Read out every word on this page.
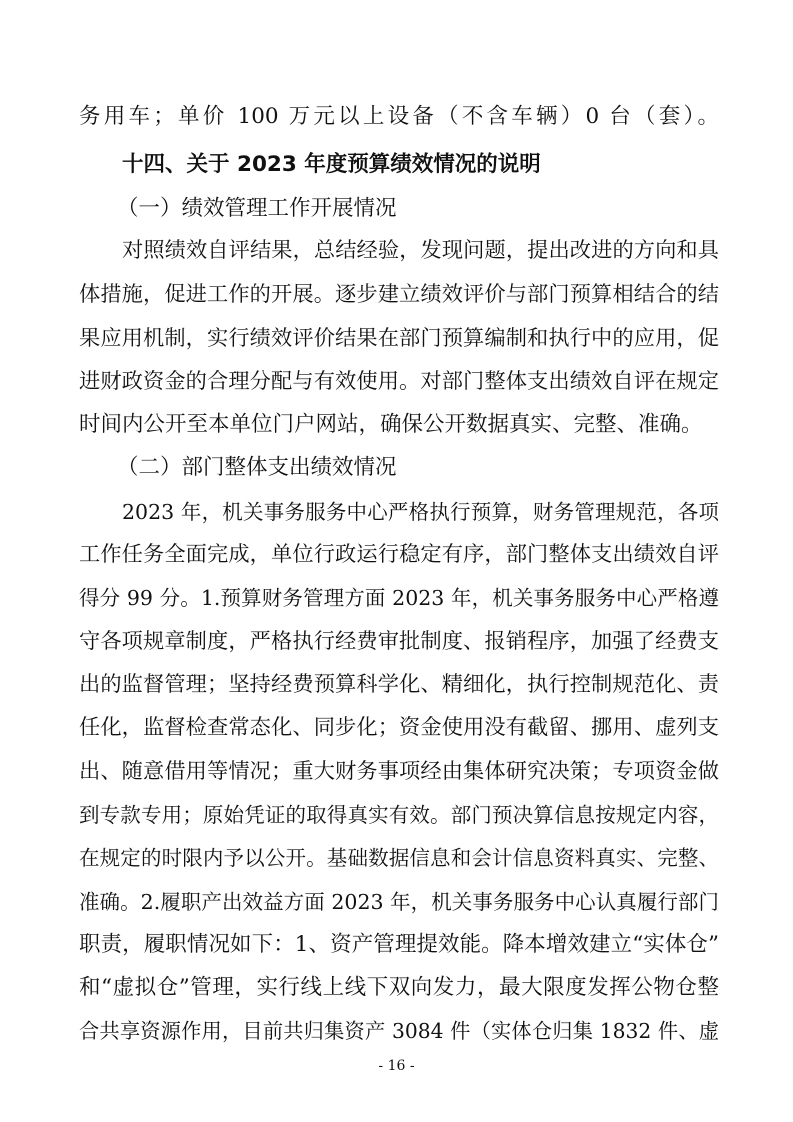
务用车；单价 100 万元以上设备（不含车辆）0 台（套）。
十四、关于 2023 年度预算绩效情况的说明
（一）绩效管理工作开展情况
对照绩效自评结果，总结经验，发现问题，提出改进的方向和具
体措施，促进工作的开展。逐步建立绩效评价与部门预算相结合的结
果应用机制，实行绩效评价结果在部门预算编制和执行中的应用，促
进财政资金的合理分配与有效使用。对部门整体支出绩效自评在规定
时间内公开至本单位门户网站，确保公开数据真实、完整、准确。
（二）部门整体支出绩效情况
2023 年，机关事务服务中心严格执行预算，财务管理规范，各项
工作任务全面完成，单位行政运行稳定有序，部门整体支出绩效自评
得分 99 分。1.预算财务管理方面 2023 年，机关事务服务中心严格遵
守各项规章制度，严格执行经费审批制度、报销程序，加强了经费支
出的监督管理；坚持经费预算科学化、精细化，执行控制规范化、责
任化，监督检查常态化、同步化；资金使用没有截留、挪用、虚列支
出、随意借用等情况；重大财务事项经由集体研究决策；专项资金做
到专款专用；原始凭证的取得真实有效。部门预决算信息按规定内容，
在规定的时限内予以公开。基础数据信息和会计信息资料真实、完整、
准确。2.履职产出效益方面 2023 年，机关事务服务中心认真履行部门
职责，履职情况如下：1、资产管理提效能。降本增效建立“实体仓”
和“虚拟仓”管理，实行线上线下双向发力，最大限度发挥公物仓整
合共享资源作用，目前共归集资产 3084 件（实体仓归集 1832 件、虚
- 16 -
